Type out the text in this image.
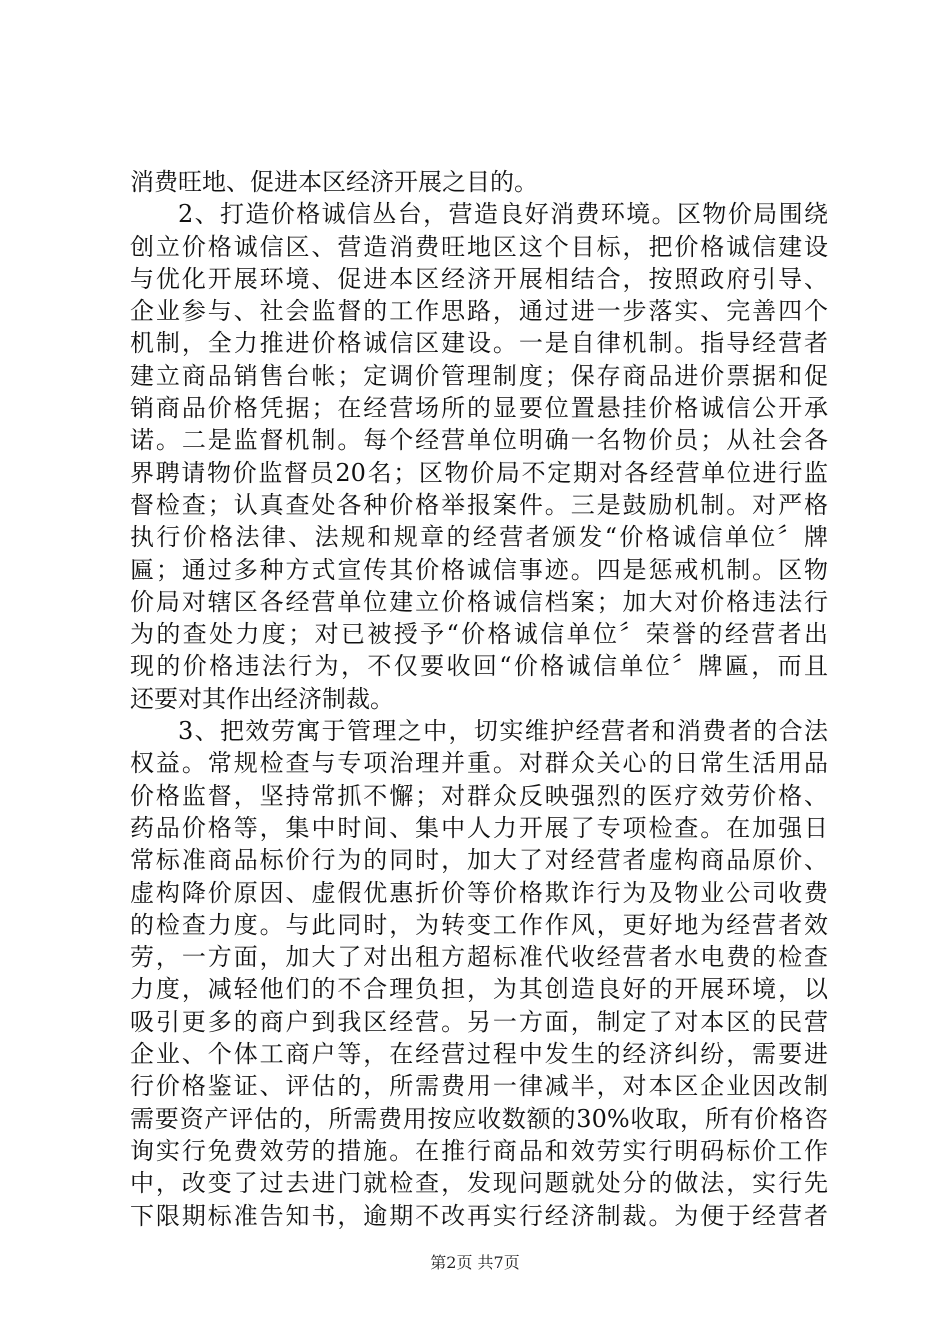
消费旺地、促进本区经济开展之目的。
2、打造价格诚信丛台，营造良好消费环境。区物价局围绕
创立价格诚信区、营造消费旺地区这个目标，把价格诚信建设
与优化开展环境、促进本区经济开展相结合，按照政府引导、
企业参与、社会监督的工作思路，通过进一步落实、完善四个
机制，全力推进价格诚信区建设。一是自律机制。指导经营者
建立商品销售台帐；定调价管理制度；保存商品进价票据和促
销商品价格凭据；在经营场所的显要位置悬挂价格诚信公开承
诺。二是监督机制。每个经营单位明确一名物价员；从社会各
界聘请物价监督员20名；区物价局不定期对各经营单位进行监
督检查；认真查处各种价格举报案件。三是鼓励机制。对严格
执行价格法律、法规和规章的经营者颁发“价格诚信单位〞牌
匾；通过多种方式宣传其价格诚信事迹。四是惩戒机制。区物
价局对辖区各经营单位建立价格诚信档案；加大对价格违法行
为的查处力度；对已被授予“价格诚信单位〞荣誉的经营者出
现的价格违法行为，不仅要收回“价格诚信单位〞牌匾，而且
还要对其作出经济制裁。
3、把效劳寓于管理之中，切实维护经营者和消费者的合法
权益。常规检查与专项治理并重。对群众关心的日常生活用品
价格监督，坚持常抓不懈；对群众反映强烈的医疗效劳价格、
药品价格等，集中时间、集中人力开展了专项检查。在加强日
常标准商品标价行为的同时，加大了对经营者虚构商品原价、
虚构降价原因、虚假优惠折价等价格欺诈行为及物业公司收费
的检查力度。与此同时，为转变工作作风，更好地为经营者效
劳，一方面，加大了对出租方超标准代收经营者水电费的检查
力度，减轻他们的不合理负担，为其创造良好的开展环境，以
吸引更多的商户到我区经营。另一方面，制定了对本区的民营
企业、个体工商户等，在经营过程中发生的经济纠纷，需要进
行价格鉴证、评估的，所需费用一律减半，对本区企业因改制
需要资产评估的，所需费用按应收数额的30%收取，所有价格咨
询实行免费效劳的措施。在推行商品和效劳实行明码标价工作
中，改变了过去进门就检查，发现问题就处分的做法，实行先
下限期标准告知书，逾期不改再实行经济制裁。为便于经营者
第2页 共7页
